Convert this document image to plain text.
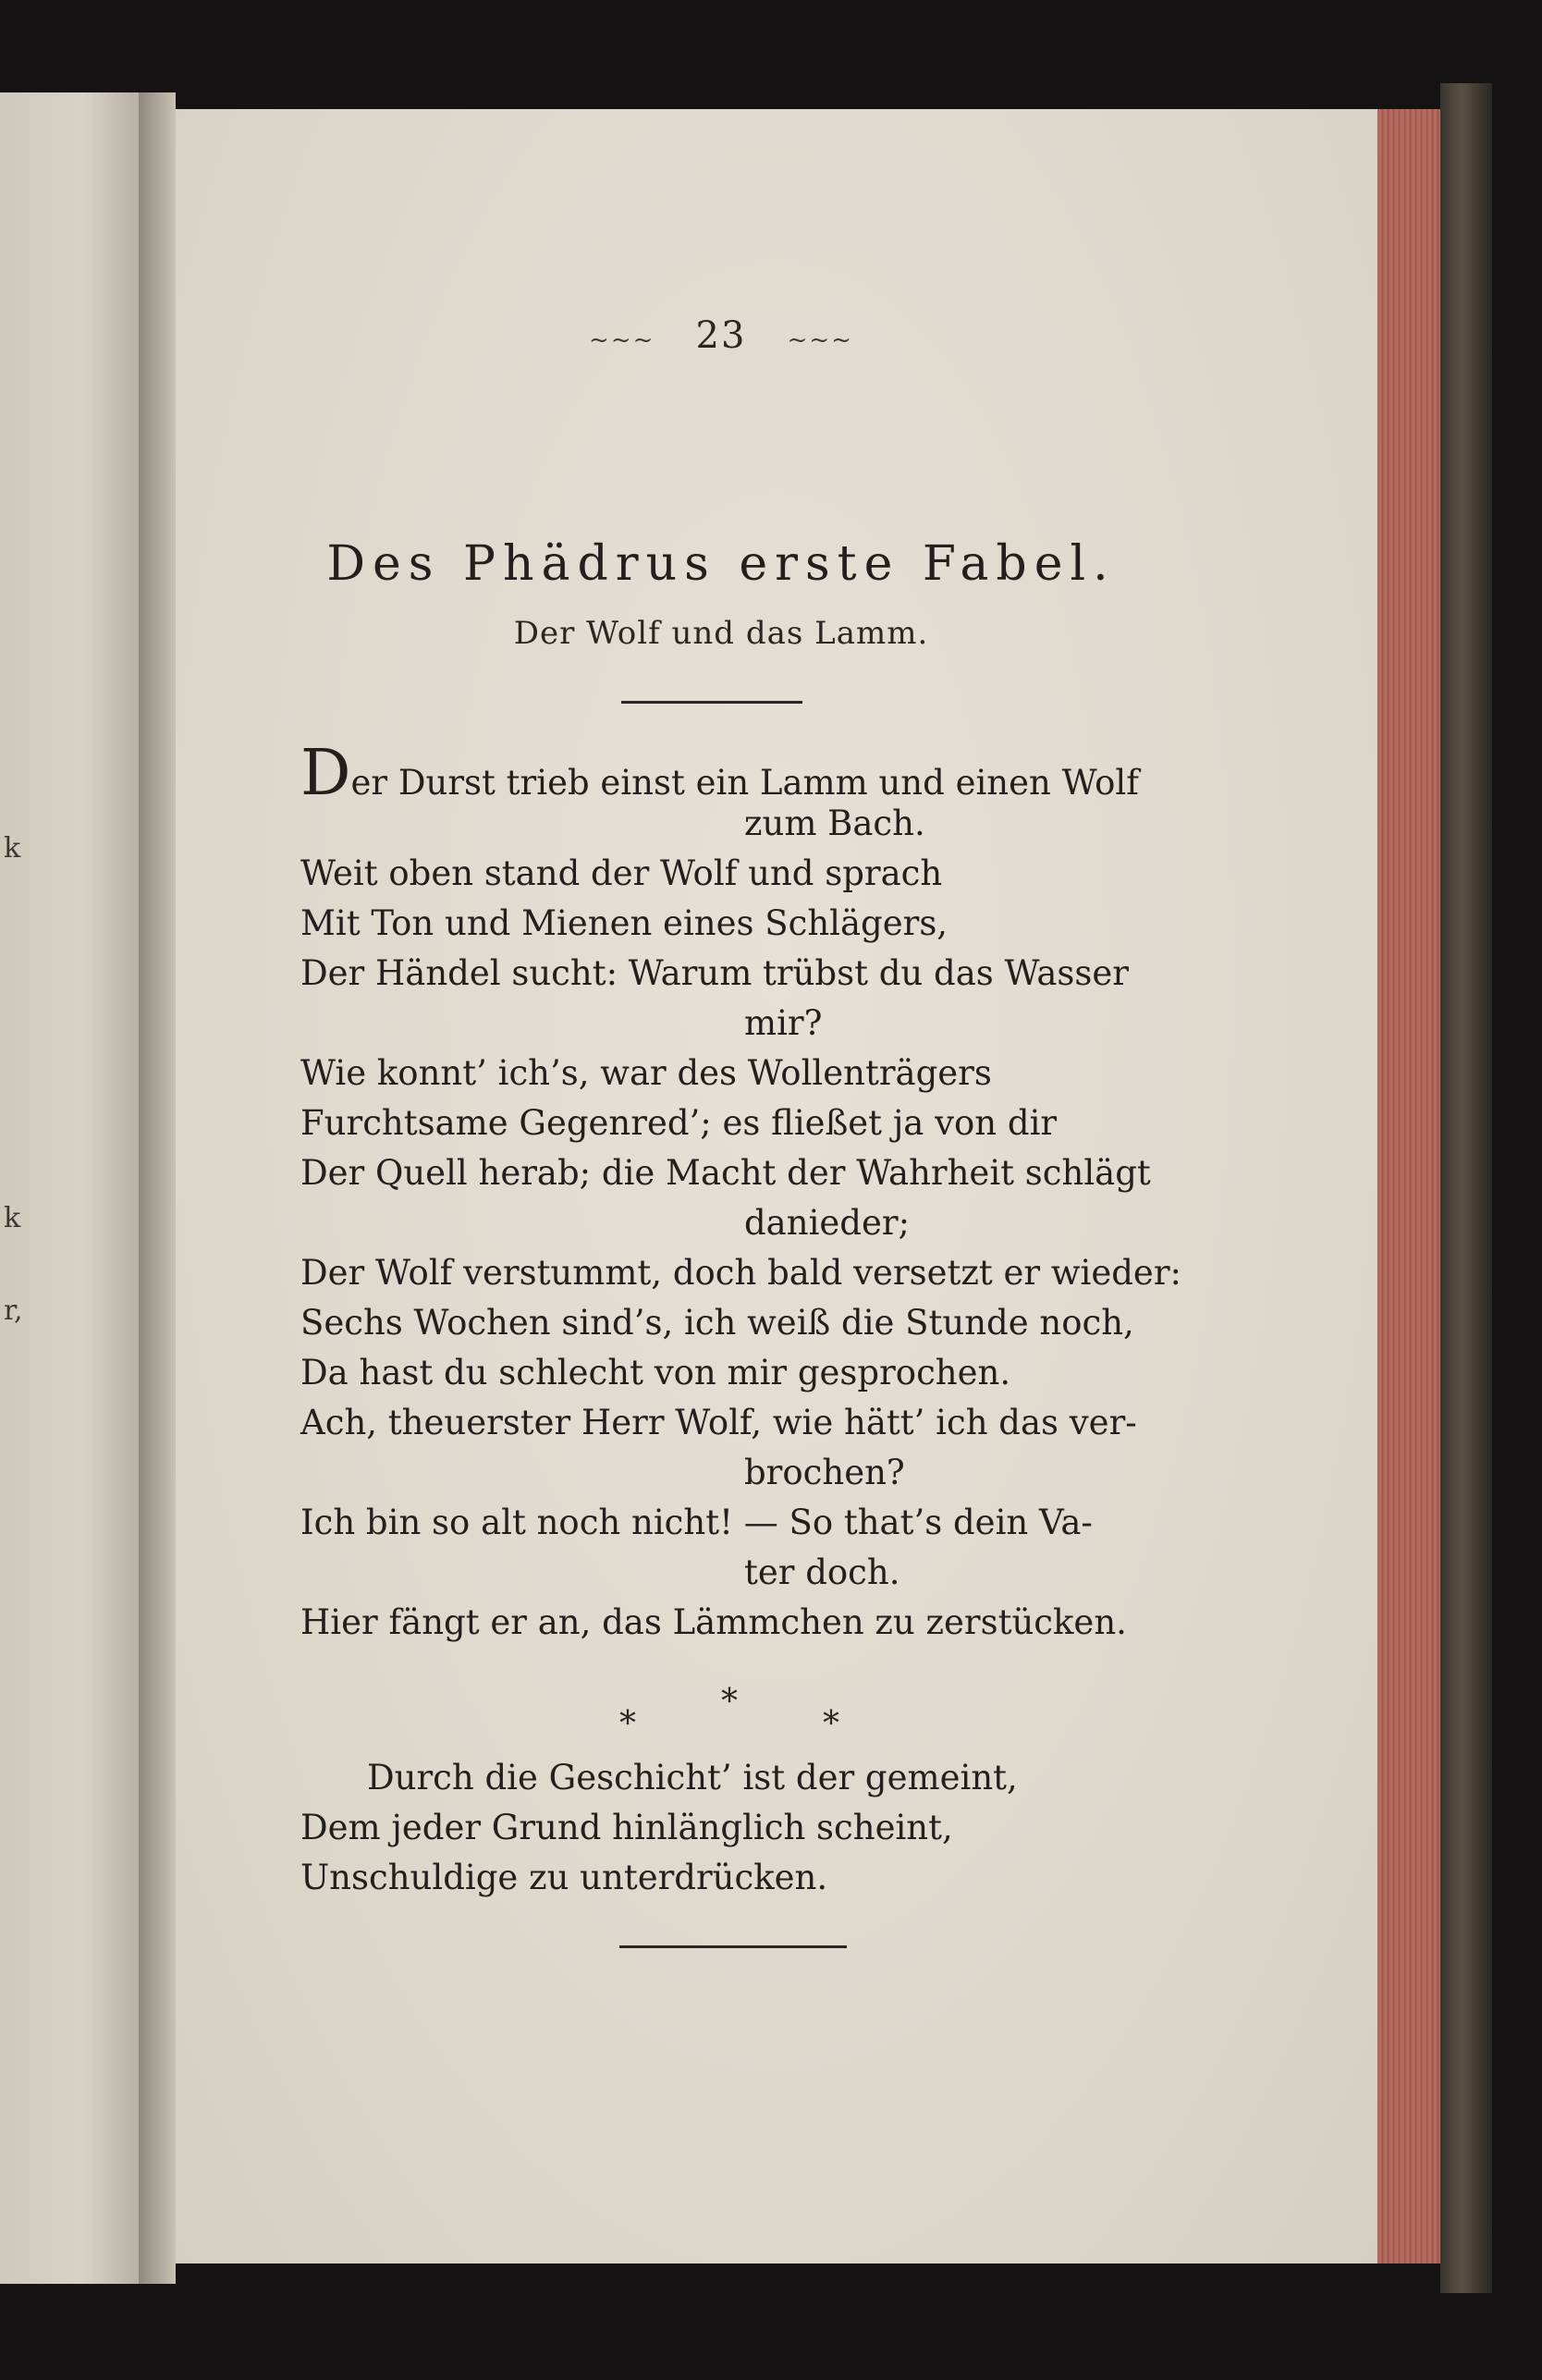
k
k
r,
~~~ 23 ~~~
Des Phädrus erste Fabel.
Der Wolf und das Lamm.
Der Durst trieb einst ein Lamm und einen Wolf
zum Bach.
Weit oben stand der Wolf und sprach
Mit Ton und Mienen eines Schlägers,
Der Händel sucht: Warum trübst du das Wasser
mir?
Wie konnt’ ich’s, war des Wollenträgers
Furchtsame Gegenred’; es fließet ja von dir
Der Quell herab; die Macht der Wahrheit schlägt
danieder;
Der Wolf verstummt, doch bald versetzt er wieder:
Sechs Wochen sind’s, ich weiß die Stunde noch,
Da hast du schlecht von mir gesprochen.
Ach, theuerster Herr Wolf, wie hätt’ ich das ver-
brochen?
Ich bin so alt noch nicht! — So that’s dein Va-
ter doch.
Hier fängt er an, das Lämmchen zu zerstücken.
*
*
*
Durch die Geschicht’ ist der gemeint,
Dem jeder Grund hinlänglich scheint,
Unschuldige zu unterdrücken.
